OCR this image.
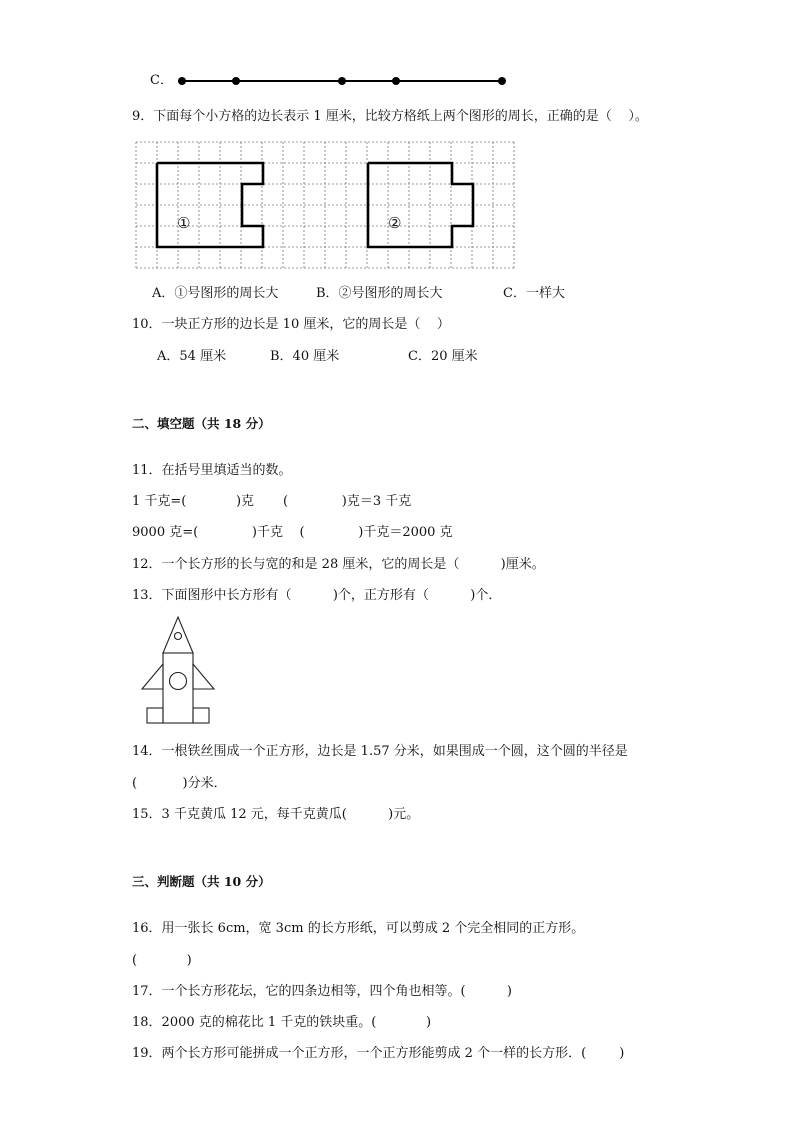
C．
9．下面每个小方格的边长表示 1 厘米，比较方格纸上两个图形的周长，正确的是（    ）。
①	②
A．①号图形的周长大	B．②号图形的周长大	C．一样大
10．一块正方形的边长是 10 厘米，它的周长是（    ）
A．54 厘米	B．40 厘米	C．20 厘米
二、填空题（共 18 分）
11．在括号里填适当的数。
1 千克=(            )克       (             )克＝3 千克
9000 克=(             )千克    (             )千克＝2000 克
12．一个长方形的长与宽的和是 28 厘米，它的周长是（          )厘米。
13．下面图形中长方形有（          )个，正方形有（          )个．
14．一根铁丝围成一个正方形，边长是 1.57 分米，如果围成一个圆，这个圆的半径是
(           )分米．
15．3 千克黄瓜 12 元，每千克黄瓜(          )元。
三、判断题（共 10 分）
16．用一张长 6cm，宽 3cm 的长方形纸，可以剪成 2 个完全相同的正方形。
(            )
17．一个长方形花坛，它的四条边相等，四个角也相等。(          )
18．2000 克的棉花比 1 千克的铁块重。(            )
19．两个长方形可能拼成一个正方形，一个正方形能剪成 2 个一样的长方形．(        )
